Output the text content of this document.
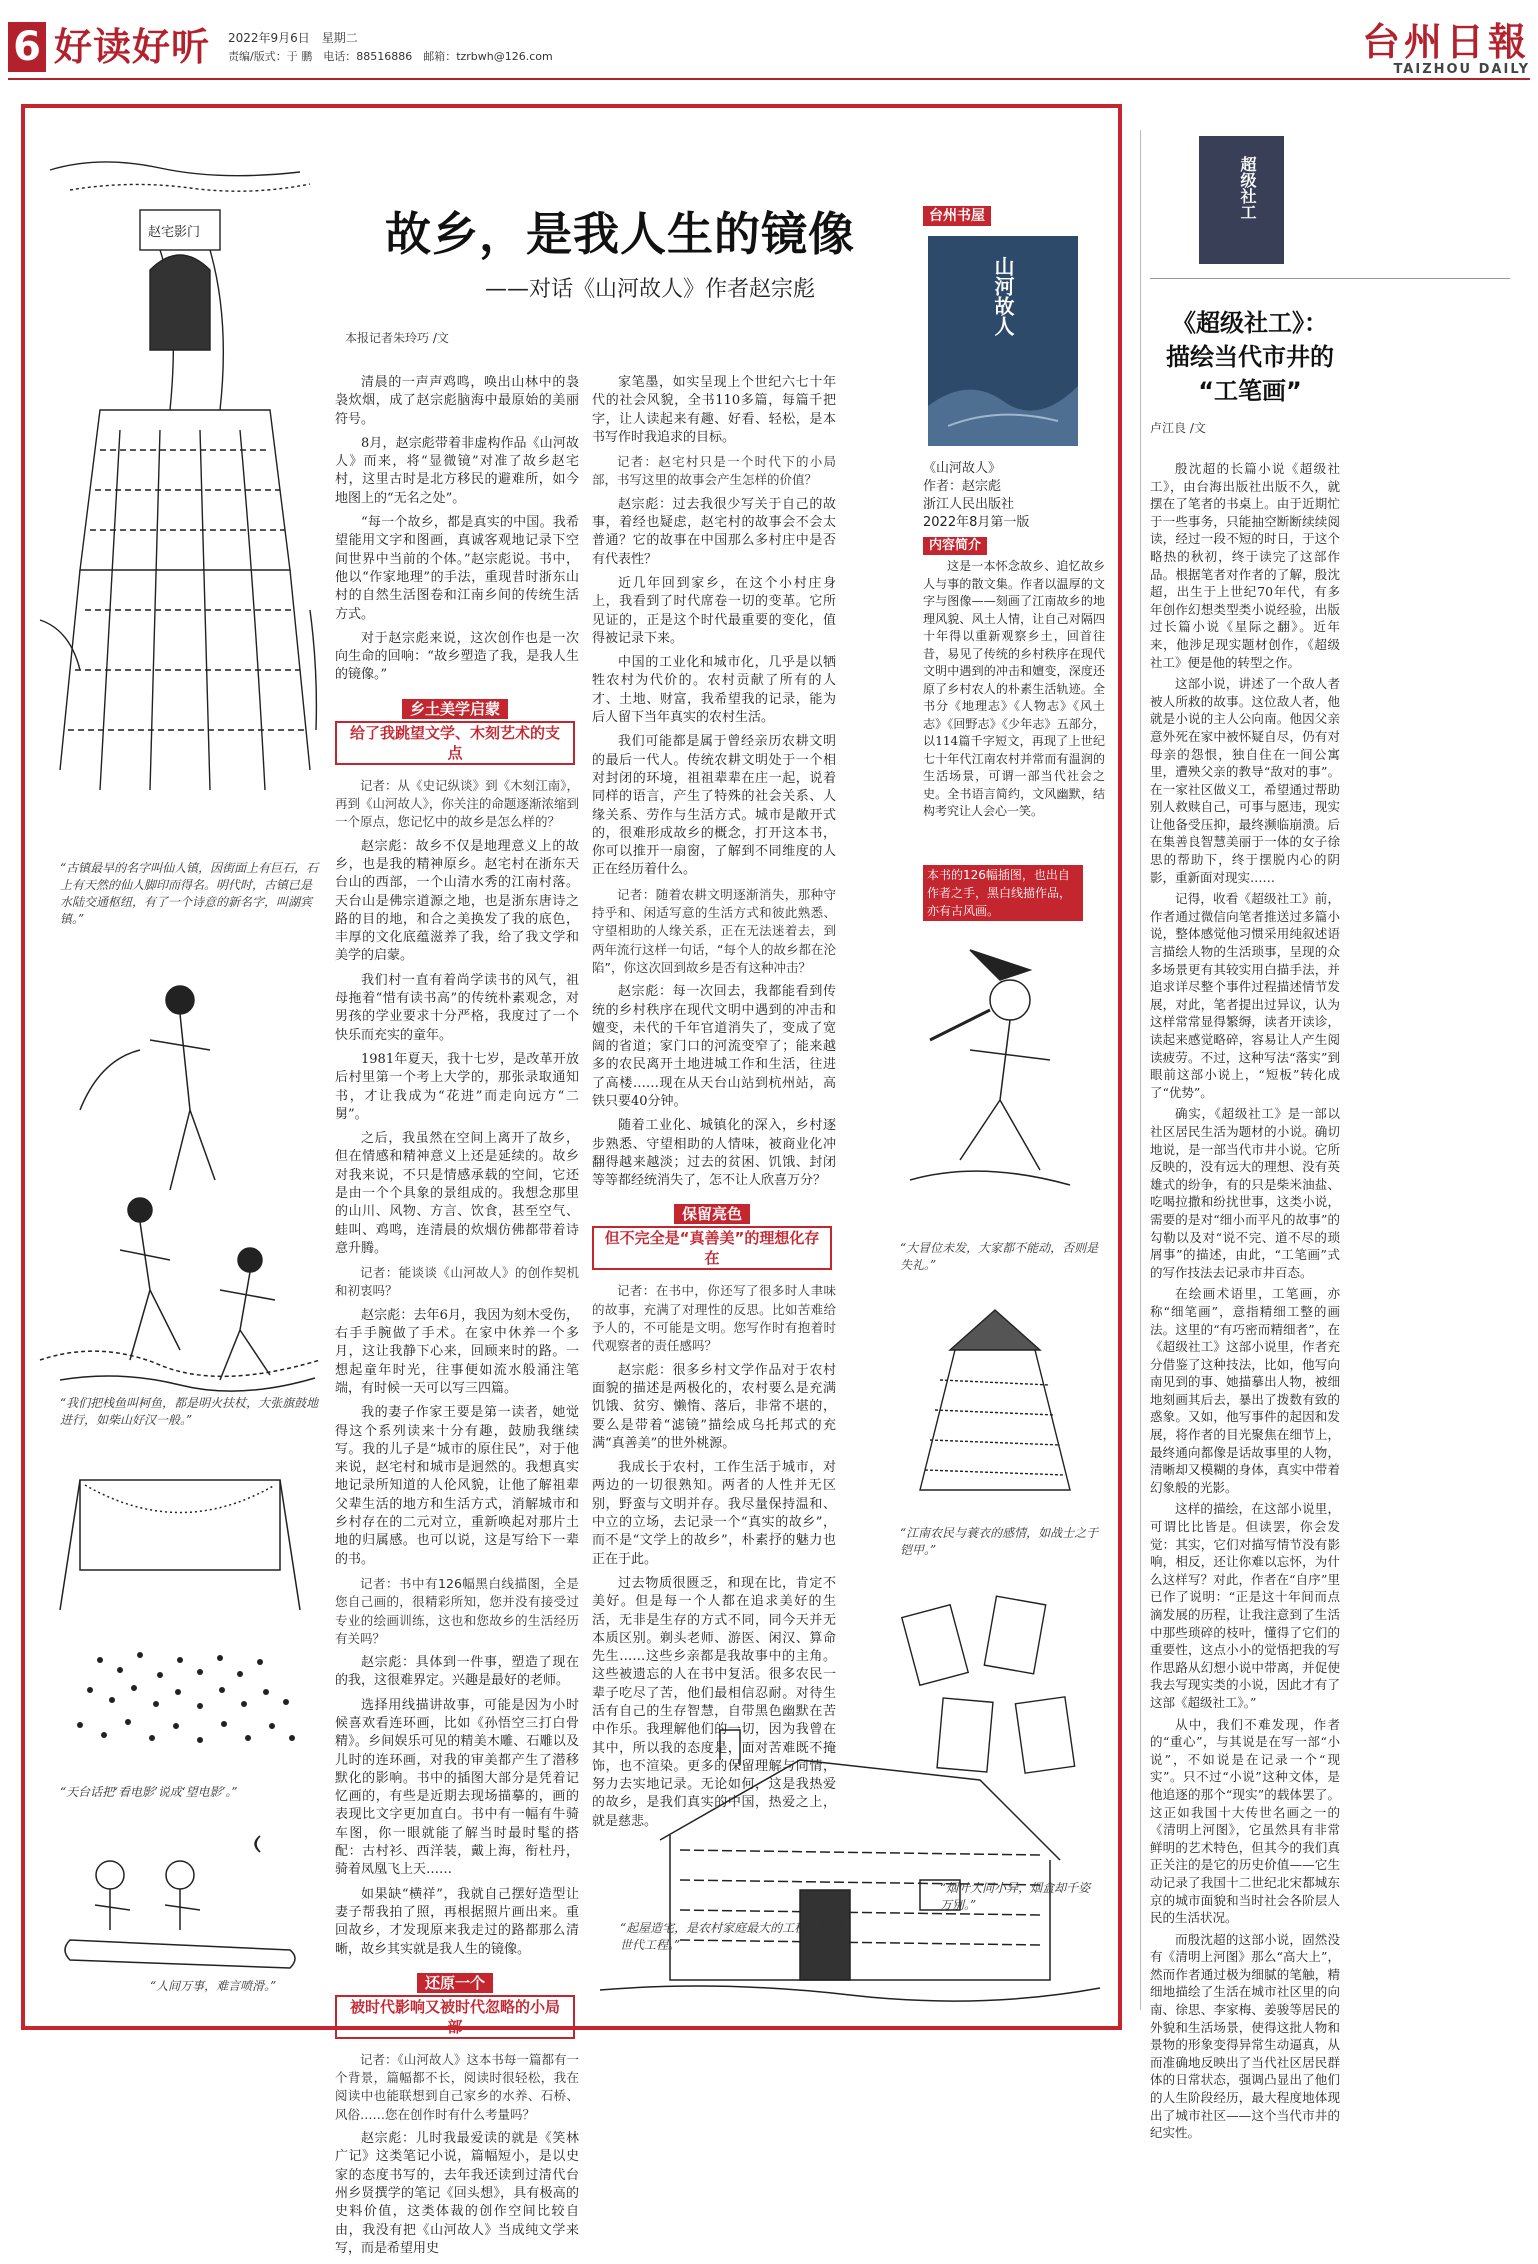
6 好读好听 2022年9月6日　星期二
责编/版式：于 鹏　电话：88516886　邮箱：tzrbwh@126.com	台州日報
TAIZHOU DAILY
赵宅影门
“古镇最早的名字叫仙人镇，因街面上有巨石，石上有天然的仙人脚印而得名。明代时，古镇已是水陆交通枢纽，有了一个诗意的新名字，叫湖宾镇。”
“我们把栈鱼叫柯鱼，都是明火扶杖，大张旗鼓地进行，如柴山好汉一般。”
“天台话把‘看电影’说成‘望电影’。”
“人间万事，难言喷滑。”
故乡，是我人生的镜像
——对话《山河故人》作者赵宗彪
本报记者朱玲巧 /文

清晨的一声声鸡鸣，唤出山林中的袅袅炊烟，成了赵宗彪脑海中最原始的美丽符号。

8月，赵宗彪带着非虚构作品《山河故人》而来，将“显微镜”对准了故乡赵宅村，这里古时是北方移民的避难所，如今地图上的“无名之处”。

“每一个故乡，都是真实的中国。我希望能用文字和图画，真诚客观地记录下空间世界中当前的个体。”赵宗彪说。书中，他以“作家地理”的手法，重现昔时浙东山村的自然生活图卷和江南乡间的传统生活方式。

对于赵宗彪来说，这次创作也是一次向生命的回响：“故乡塑造了我，是我人生的镜像。”

乡土美学启蒙
给了我跳望文学、木刻艺术的支点

记者：从《史记纵谈》到《木刻江南》，再到《山河故人》，你关注的命题逐渐浓缩到一个原点，您记忆中的故乡是怎么样的？

赵宗彪：故乡不仅是地理意义上的故乡，也是我的精神原乡。赵宅村在浙东天台山的西部，一个山清水秀的江南村落。天台山是佛宗道源之地，也是浙东唐诗之路的目的地，和合之美换发了我的底色，丰厚的文化底蕴滋养了我，给了我文学和美学的启蒙。

我们村一直有着尚学读书的风气，祖母拖着“惜有读书高”的传统朴素观念，对男孩的学业要求十分严格，我度过了一个快乐而充实的童年。

1981年夏天，我十七岁，是改革开放后村里第一个考上大学的，那张录取通知书，才让我成为“花进”而走向远方“二舅”。

之后，我虽然在空间上离开了故乡，但在情感和精神意义上还是延续的。故乡对我来说，不只是情感承载的空间，它还是由一个个具象的景组成的。我想念那里的山川、风物、方言、饮食，甚至空气、蛙叫、鸡鸣，连清晨的炊烟仿佛都带着诗意升腾。

记者：能谈谈《山河故人》的创作契机和初衷吗？

赵宗彪：去年6月，我因为刻木受伤，右手手腕做了手术。在家中休养一个多月，这让我静下心来，回顾来时的路。一想起童年时光，往事便如流水般涌注笔端，有时候一天可以写三四篇。

我的妻子作家王要是第一读者，她觉得这个系列读来十分有趣，鼓励我继续写。我的儿子是“城市的原住民”，对于他来说，赵宅村和城市是迥然的。我想真实地记录所知道的人伦风貌，让他了解祖辈父辈生活的地方和生活方式，消解城市和乡村存在的二元对立，重新唤起对那片土地的归属感。也可以说，这是写给下一辈的书。

记者：书中有126幅黑白线描图，全是您自己画的，很精彩所知，您并没有接受过专业的绘画训练，这也和您故乡的生活经历有关吗？

赵宗彪：具体到一件事，塑造了现在的我，这很难界定。兴趣是最好的老师。

选择用线描讲故事，可能是因为小时候喜欢看连环画，比如《孙悟空三打白骨精》。乡间娱乐可见的精美木雕、石雕以及儿时的连环画，对我的审美都产生了潜移默化的影响。书中的插图大部分是凭着记忆画的，有些是近期去现场描摹的，画的表现比文字更加直白。书中有一幅有牛骑车图，你一眼就能了解当时最时髦的搭配：古村衫、西洋装，戴上海，衔杜丹，骑着凤凰飞上天……

如果缺“横祥”，我就自己摆好造型让妻子帮我拍了照，再根据照片画出来。重回故乡，才发现原来我走过的路都那么清晰，故乡其实就是我人生的镜像。

还原一个
被时代影响又被时代忽略的小局部

记者：《山河故人》这本书每一篇都有一个背景，篇幅都不长，阅读时很轻松，我在阅读中也能联想到自己家乡的水养、石桥、风俗……您在创作时有什么考量吗？

赵宗彪：儿时我最爱读的就是《笑林广记》这类笔记小说，篇幅短小，是以史家的态度书写的，去年我还读到过清代台州乡贤撰学的笔记《回头想》，具有极高的史料价值，这类体裁的创作空间比较自由，我没有把《山河故人》当成纯文学来写，而是希望用史

家笔墨，如实呈现上个世纪六七十年代的社会风貌，全书110多篇，每篇千把字，让人读起来有趣、好看、轻松，是本书写作时我追求的目标。

记者：赵宅村只是一个时代下的小局部，书写这里的故事会产生怎样的价值？

赵宗彪：过去我很少写关于自己的故事，着经也疑虑，赵宅村的故事会不会太普通？它的故事在中国那么多村庄中是否有代表性？

近几年回到家乡，在这个小村庄身上，我看到了时代席卷一切的变革。它所见证的，正是这个时代最重要的变化，值得被记录下来。

中国的工业化和城市化，几乎是以牺牲农村为代价的。农村贡献了所有的人才、土地、财富，我希望我的记录，能为后人留下当年真实的农村生活。

我们可能都是属于曾经亲历农耕文明的最后一代人。传统农耕文明处于一个相对封闭的环境，祖祖辈辈在庄一起，说着同样的语言，产生了特殊的社会关系、人缘关系、劳作与生活方式。城市是敞开式的，很难形成故乡的概念，打开这本书，你可以推开一扇窗，了解到不同维度的人正在经历着什么。

记者：随着农耕文明逐渐消失，那种守持乎和、闲适写意的生活方式和彼此熟悉、守望相助的人缘关系，正在无法迷着去，到两年流行这样一句话，“每个人的故乡都在沦陷”，你这次回到故乡是否有这种冲击？

赵宗彪：每一次回去，我都能看到传统的乡村秩序在现代文明中遇到的冲击和嬗变，未代的千年官道消失了，变成了宽阔的省道；家门口的河流变窄了；能来越多的农民离开土地进城工作和生活，往进了高楼……现在从天台山站到杭州站，高铁只要40分钟。

随着工业化、城镇化的深入，乡村逐步熟悉、守望相助的人情味，被商业化冲翻得越来越淡；过去的贫困、饥饿、封闭等等都经统消失了，怎不让人欣喜万分？

保留亮色
但不完全是“真善美”的理想化存在

记者：在书中，你还写了很多时人聿味的故事，充满了对理性的反思。比如苦难给予人的，不可能是文明。您写作时有抱着时代观察者的责任感吗？

赵宗彪：很多乡村文学作品对于农村面貌的描述是两极化的，农村要么是充满饥饿、贫穷、懒惰、落后，非常不堪的，要么是带着“滤镜”描绘成乌托邦式的充满“真善美”的世外桃源。

我成长于农村，工作生活于城市，对两边的一切很熟知。两者的人性并无区别，野蛮与文明并存。我尽量保持温和、中立的立场，去记录一个“真实的故乡”，而不是“文学上的故乡”，朴素抒的魅力也正在于此。

过去物质很匮乏，和现在比，肯定不美好。但是每一个人都在追求美好的生活，无非是生存的方式不同，同今天并无本质区别。剃头老师、游医、闲汉、算命先生……这些乡亲都是我故事中的主角。这些被遗忘的人在书中复活。很多农民一辈子吃尽了苦，他们最相信忍耐。对待生活有自己的生存智慧，自带黑色幽默在苦中作乐。我理解他们的一切，因为我曾在其中，所以我的态度是，面对苦难既不掩饰，也不渲染。更多的保留理解与同情，努力去实地记录。无论如何，这是我热爱的故乡，是我们真实的中国，热爱之上，就是慈悲。

“起屋造宅，是农村家庭最大的工程，也是世代工程。”
台州书屋
山河故人
《山河故人》
作者：赵宗彪
浙江人民出版社
2022年8月第一版
内容简介

这是一本怀念故乡、追忆故乡人与事的散文集。作者以温厚的文字与图像——刻画了江南故乡的地理风貌、风土人情，让自己对隔四十年得以重新观察乡土，回首往昔，易见了传统的乡村秩序在现代文明中遇到的冲击和嬗变，深度还原了乡村农人的朴素生活轨迹。全书分《地理志》《人物志》《风土志》《回野志》《少年志》五部分，以114篇千字短文，再现了上世纪七十年代江南农村并常而有温润的生活场景，可谓一部当代社会之史。全书语言简约，文风幽默，结构考究让人会心一笑。

本书的126幅插图，也出自作者之手，黑白线描作品，亦有古风画。
“大冒位未发，大家都不能动，否则是失礼。”
“江南农民与蓑衣的感情，如战士之于铠甲。”
“烟叶大同小异，烟盒却千姿万别。”
超级社工
《超级社工》：
描绘当代市井的
“工笔画”
卢江良 /文

殷沈超的长篇小说《超级社工》，由台海出版社出版不久，就摆在了笔者的书桌上。由于近期忙于一些事务，只能抽空断断续续阅读，经过一段不短的时日，于这个略热的秋初，终于读完了这部作品。根据笔者对作者的了解，殷沈超，出生于上世纪70年代，有多年创作幻想类型类小说经验，出版过长篇小说《星际之翻》。近年来，他涉足现实题材创作，《超级社工》便是他的转型之作。

这部小说，讲述了一个敌人者被人所救的故事。这位敌人者，他就是小说的主人公向南。他因父亲意外死在家中被怀疑自尽，仍有对母亲的怨恨，独自住在一间公寓里，遭殃父亲的教导“敌对的事”。在一家社区做义工，希望通过帮助别人救赎自己，可事与愿违，现实让他备受压抑，最终濒临崩溃。后在集善良智慧美丽于一体的女子徐思的帮助下，终于摆脱内心的阴影，重新面对现实……

记得，收看《超级社工》前，作者通过微信向笔者推送过多篇小说，整体感觉他习惯采用纯叙述语言描绘人物的生活琐事，呈现的众多场景更有其较实用白描手法，并追求详尽整个事件过程描述情节发展，对此，笔者提出过异议，认为这样常常显得繁缛，读者开读诊，读起来感觉略碎，容易让人产生阅读疲劳。不过，这种写法“落实”到眼前这部小说上，“短板”转化成了“优势”。

确实，《超级社工》是一部以社区居民生活为题材的小说。确切地说，是一部当代市井小说。它所反映的，没有远大的理想、没有英雄式的纷争，有的只是柴米油盐、吃喝拉撒和纷扰世事，这类小说，需要的是对“细小而平凡的故事”的勾勒以及对“说不完、道不尽的琐屑事”的描述，由此，“工笔画”式的写作技法去记录市井百态。

在绘画术语里，工笔画，亦称“细笔画”，意指精细工整的画法。这里的“有巧密而精细者”，在《超级社工》这部小说里，作者充分借鉴了这种技法，比如，他写向南见到的事、她描摹出人物，被细地刻画其后去，暴出了拨数有致的惑象。又如，他写事件的起因和发展，将作者的目光聚焦在细节上，最终通向都像是话故事里的人物，清晰却又模糊的身体，真实中带着幻象般的光影。

这样的描绘，在这部小说里，可谓比比皆是。但读罢，你会发觉：其实，它们对描写情节没有影响，相反，还让你难以忘怀，为什么这样写？对此，作者在“自序”里已作了说明：“正是这十年间而点滴发展的历程，让我注意到了生活中那些琐碎的枝叶，懂得了它们的重要性，这点小小的觉悟把我的写作思路从幻想小说中带离，并促使我去写现实类的小说，因此才有了这部《超级社工》。”

从中，我们不难发现，作者的“重心”，与其说是在写一部“小说”，不如说是在记录一个“现实”。只不过“小说”这种文体，是他追逐的那个“现实”的载体罢了。这正如我国十大传世名画之一的《清明上河图》，它虽然具有非常鲜明的艺术特色，但其今的我们真正关注的是它的历史价值——它生动记录了我国十二世纪北宋都城东京的城市面貌和当时社会各阶层人民的生活状况。

而殷沈超的这部小说，固然没有《清明上河图》那么“高大上”，然而作者通过极为细腻的笔触，精细地描绘了生活在城市社区里的向南、徐思、李家梅、姜骏等居民的外貌和生活场景，使得这批人物和景物的形象变得异常生动逼真，从而准确地反映出了当代社区居民群体的日常状态，强调凸显出了他们的人生阶段经历，最大程度地体现出了城市社区——这个当代市井的纪实性。
